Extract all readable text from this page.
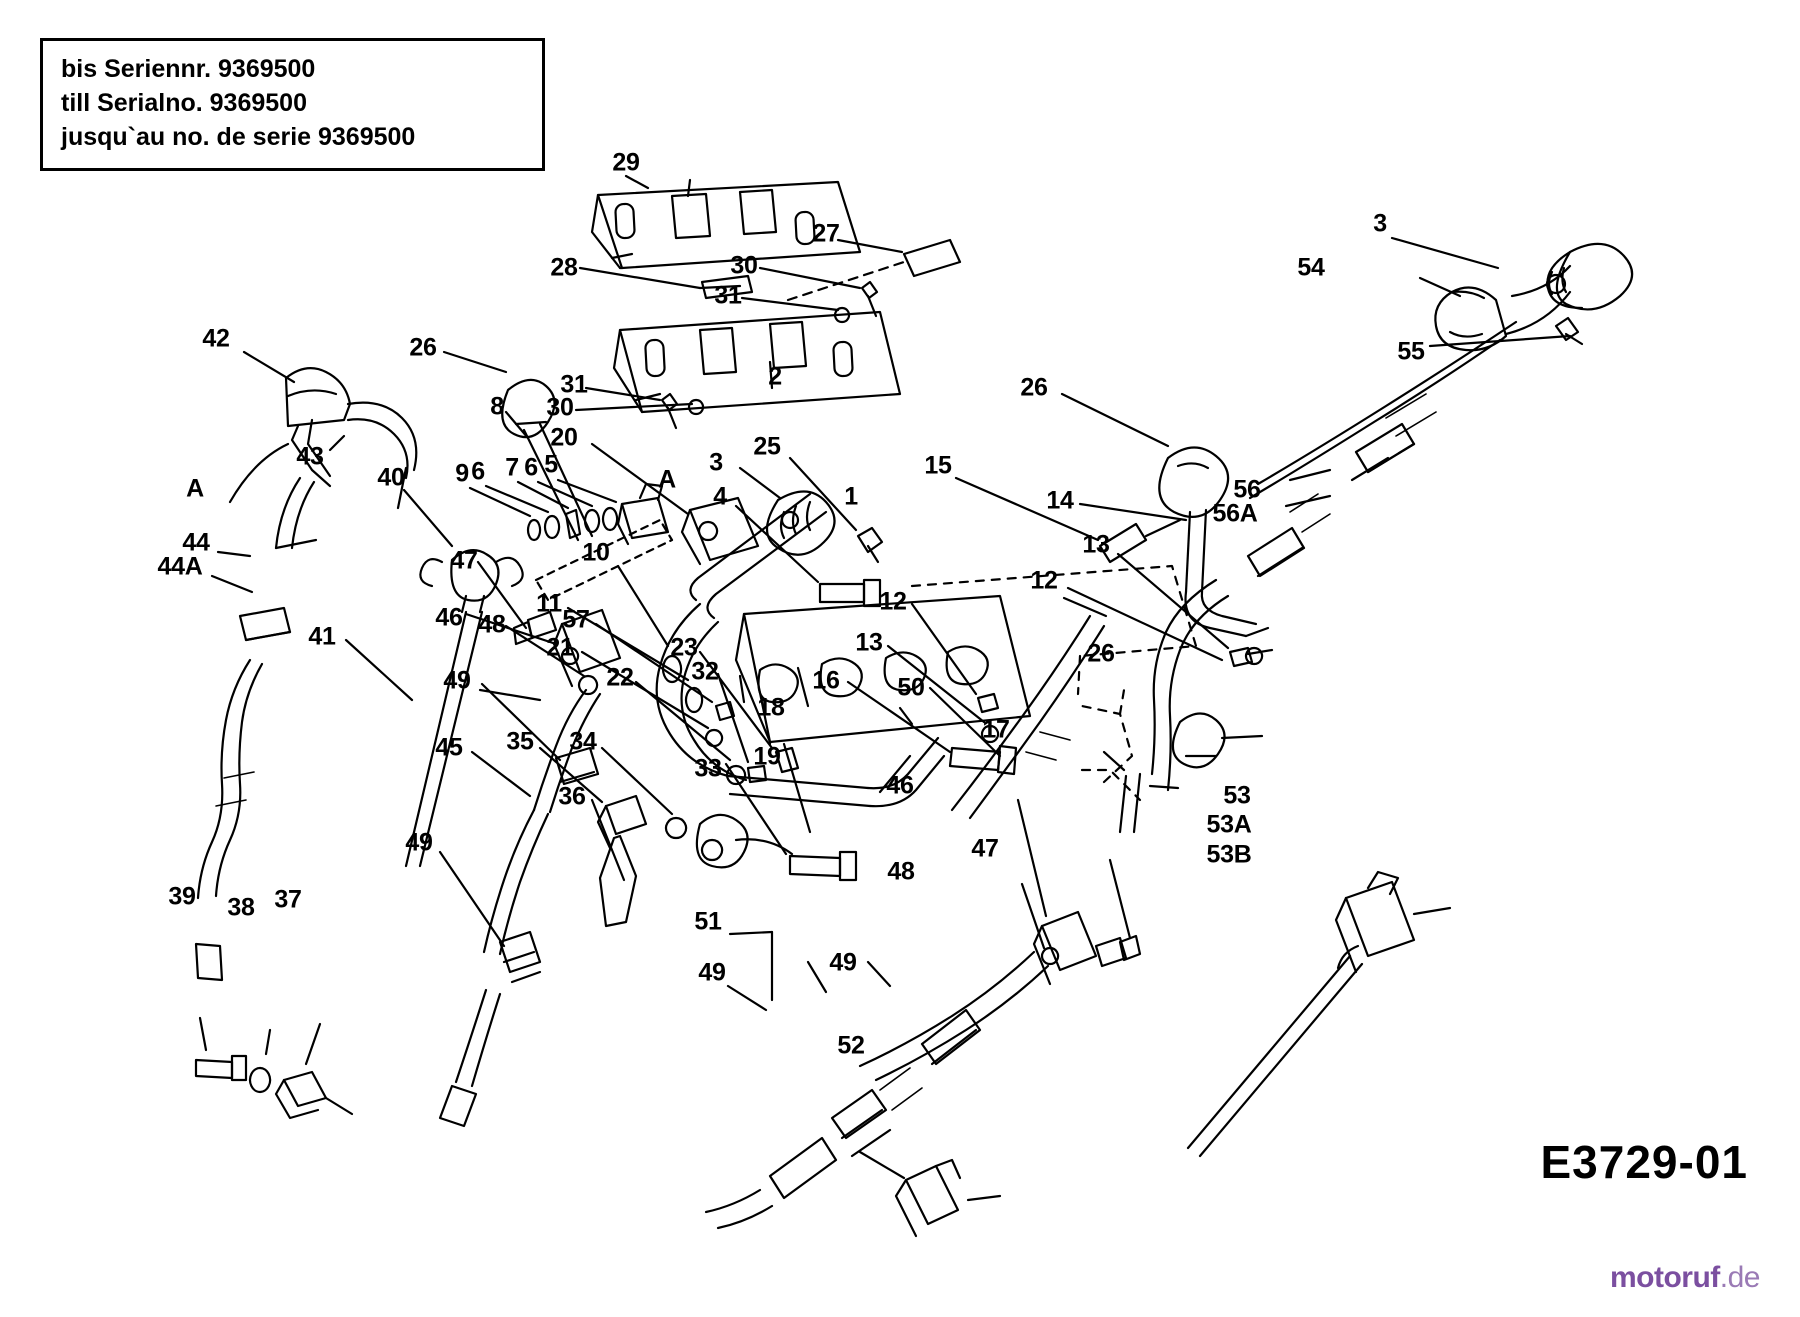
bis Seriennr. 9369500
till Serialno. 9369500
jusqu`au no. de serie 9369500
29
27	3
28	30	54
31
42	26	55
2
31	26
30
8
43
20	25
3
56
40 9 6 7 6 5
A	15
1
A	14	56A
4
44	13
44A	47	10
12
46	11	12
48 57
41	21	23	13	26
49	22 32	16 50
18
34
35	17
45	19
33
36	53
46
53A
49	47
48
53B
39 38 37
51
49
49
52
E3729-01
motoruf.de
